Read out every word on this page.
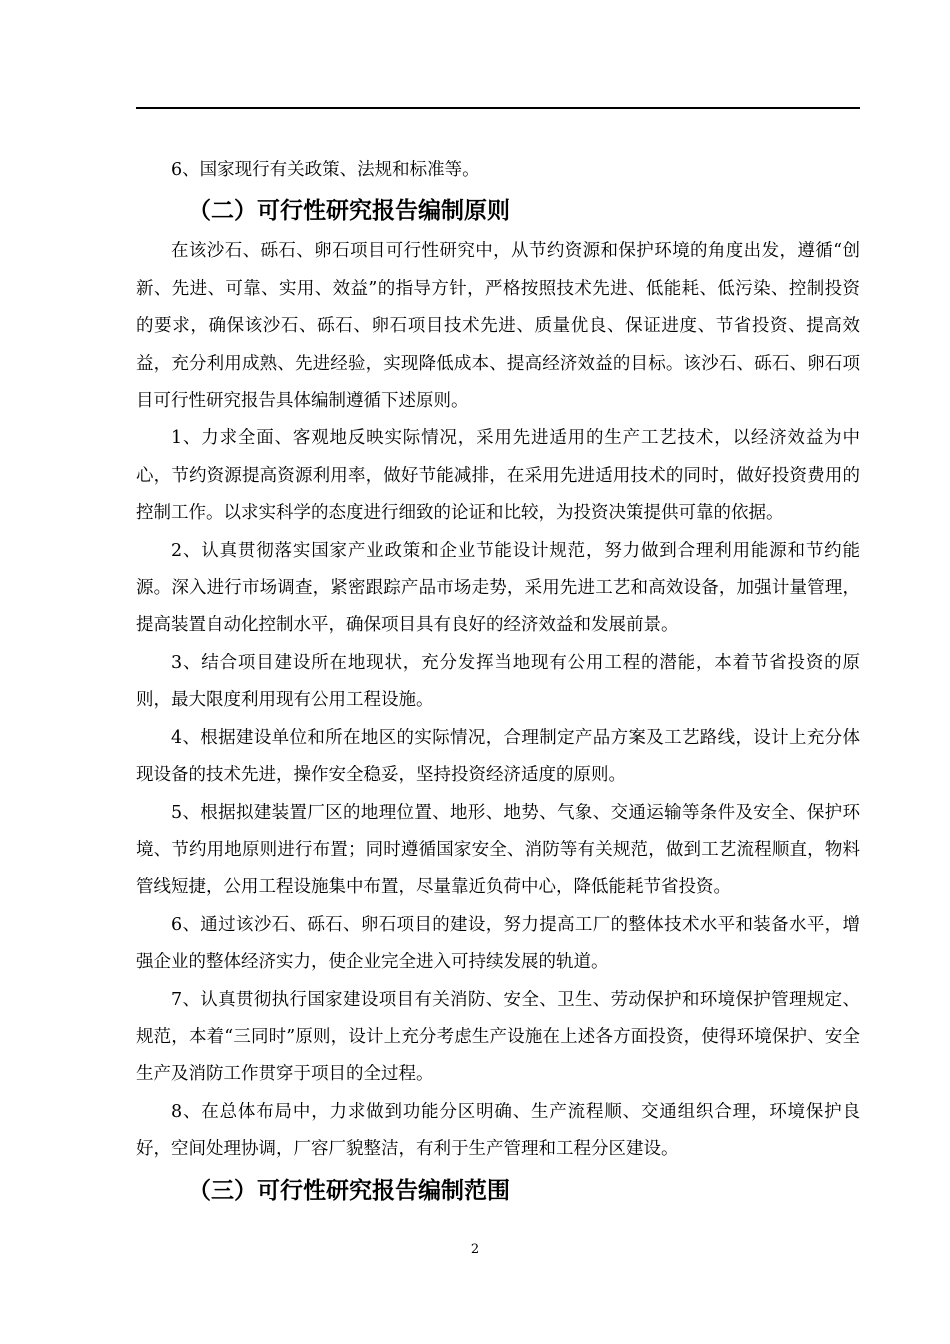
6、国家现行有关政策、法规和标准等。

（二）可行性研究报告编制原则

在该沙石、砾石、卵石项目可行性研究中，从节约资源和保护环境的角度出发，遵循“创新、先进、可靠、实用、效益”的指导方针，严格按照技术先进、低能耗、低污染、控制投资的要求，确保该沙石、砾石、卵石项目技术先进、质量优良、保证进度、节省投资、提高效益，充分利用成熟、先进经验，实现降低成本、提高经济效益的目标。该沙石、砾石、卵石项目可行性研究报告具体编制遵循下述原则。

1、力求全面、客观地反映实际情况，采用先进适用的生产工艺技术，以经济效益为中心，节约资源提高资源利用率，做好节能减排，在采用先进适用技术的同时，做好投资费用的控制工作。以求实科学的态度进行细致的论证和比较，为投资决策提供可靠的依据。

2、认真贯彻落实国家产业政策和企业节能设计规范，努力做到合理利用能源和节约能源。深入进行市场调查，紧密跟踪产品市场走势，采用先进工艺和高效设备，加强计量管理，提高装置自动化控制水平，确保项目具有良好的经济效益和发展前景。

3、结合项目建设所在地现状，充分发挥当地现有公用工程的潜能，本着节省投资的原则，最大限度利用现有公用工程设施。

4、根据建设单位和所在地区的实际情况，合理制定产品方案及工艺路线，设计上充分体现设备的技术先进，操作安全稳妥，坚持投资经济适度的原则。

5、根据拟建装置厂区的地理位置、地形、地势、气象、交通运输等条件及安全、保护环境、节约用地原则进行布置；同时遵循国家安全、消防等有关规范，做到工艺流程顺直，物料管线短捷，公用工程设施集中布置，尽量靠近负荷中心，降低能耗节省投资。

6、通过该沙石、砾石、卵石项目的建设，努力提高工厂的整体技术水平和装备水平，增强企业的整体经济实力，使企业完全进入可持续发展的轨道。

7、认真贯彻执行国家建设项目有关消防、安全、卫生、劳动保护和环境保护管理规定、规范，本着“三同时”原则，设计上充分考虑生产设施在上述各方面投资，使得环境保护、安全生产及消防工作贯穿于项目的全过程。

8、在总体布局中，力求做到功能分区明确、生产流程顺、交通组织合理，环境保护良好，空间处理协调，厂容厂貌整洁，有利于生产管理和工程分区建设。

（三）可行性研究报告编制范围
2
